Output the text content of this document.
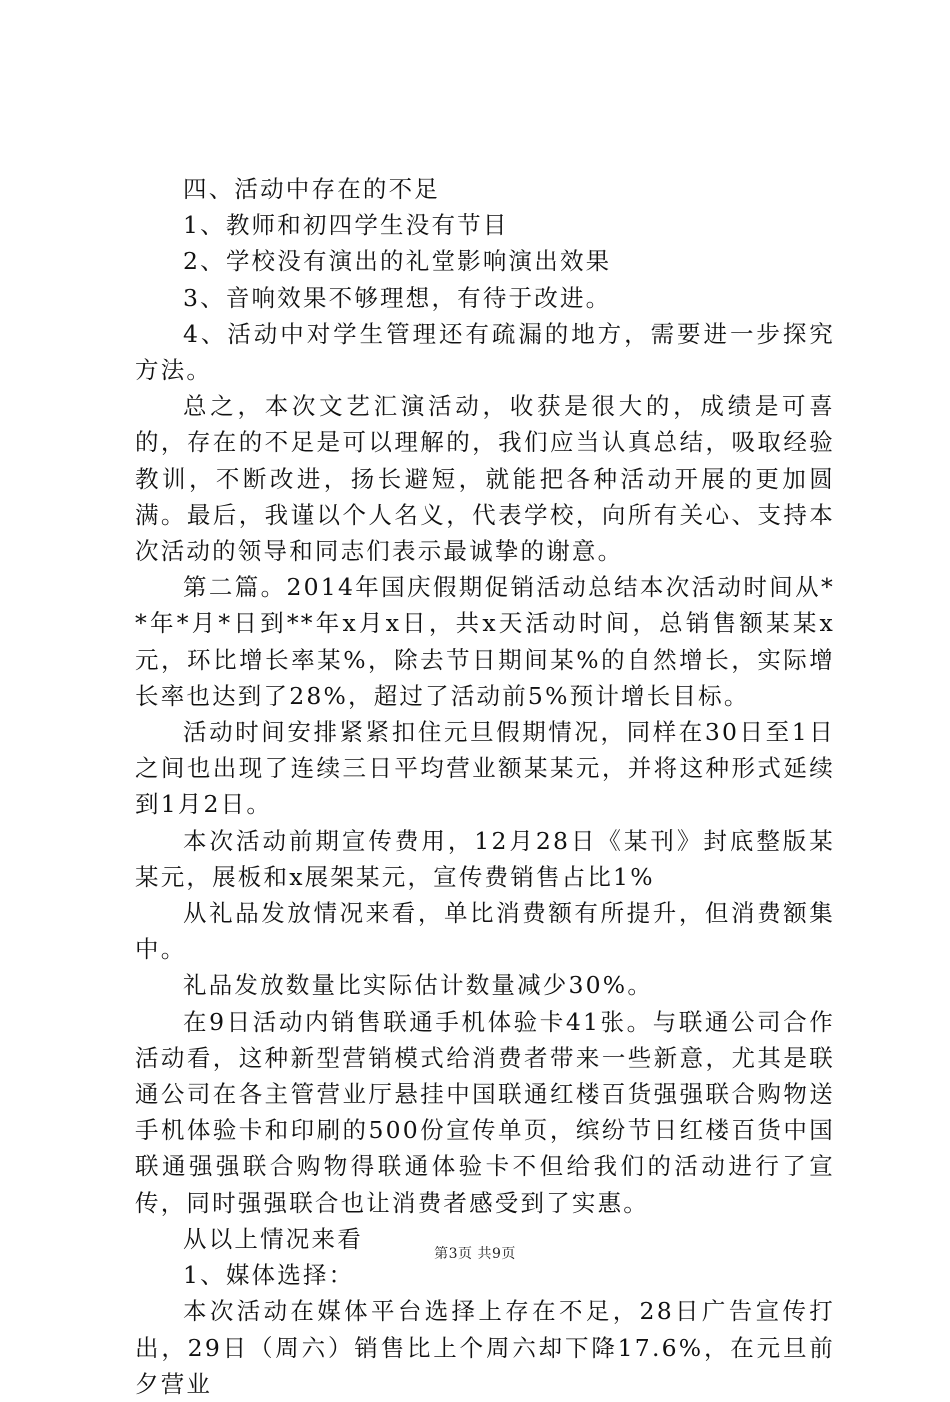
四、活动中存在的不足

1、教师和初四学生没有节目

2、学校没有演出的礼堂影响演出效果

3、音响效果不够理想，有待于改进。

4、活动中对学生管理还有疏漏的地方，需要进一步探究方法。

总之，本次文艺汇演活动，收获是很大的，成绩是可喜的，存在的不足是可以理解的，我们应当认真总结，吸取经验教训，不断改进，扬长避短，就能把各种活动开展的更加圆满。最后，我谨以个人名义，代表学校，向所有关心、支持本次活动的领导和同志们表示最诚挚的谢意。

第二篇。2014年国庆假期促销活动总结本次活动时间从**年*月*日到**年x月x日，共x天活动时间，总销售额某某x元，环比增长率某%，除去节日期间某%的自然增长，实际增长率也达到了28%，超过了活动前5%预计增长目标。

活动时间安排紧紧扣住元旦假期情况，同样在30日至1日之间也出现了连续三日平均营业额某某元，并将这种形式延续到1月2日。

本次活动前期宣传费用，12月28日《某刊》封底整版某某元，展板和x展架某元，宣传费销售占比1%

从礼品发放情况来看，单比消费额有所提升，但消费额集中。

礼品发放数量比实际估计数量减少30%。

在9日活动内销售联通手机体验卡41张。与联通公司合作活动看，这种新型营销模式给消费者带来一些新意，尤其是联通公司在各主管营业厅悬挂中国联通红楼百货强强联合购物送手机体验卡和印刷的500份宣传单页，缤纷节日红楼百货中国联通强强联合购物得联通体验卡不但给我们的活动进行了宣传，同时强强联合也让消费者感受到了实惠。

从以上情况来看

1、媒体选择：

本次活动在媒体平台选择上存在不足，28日广告宣传打出，29日（周六）销售比上个周六却下降17.6%，在元旦前夕营业

第3页 共9页
